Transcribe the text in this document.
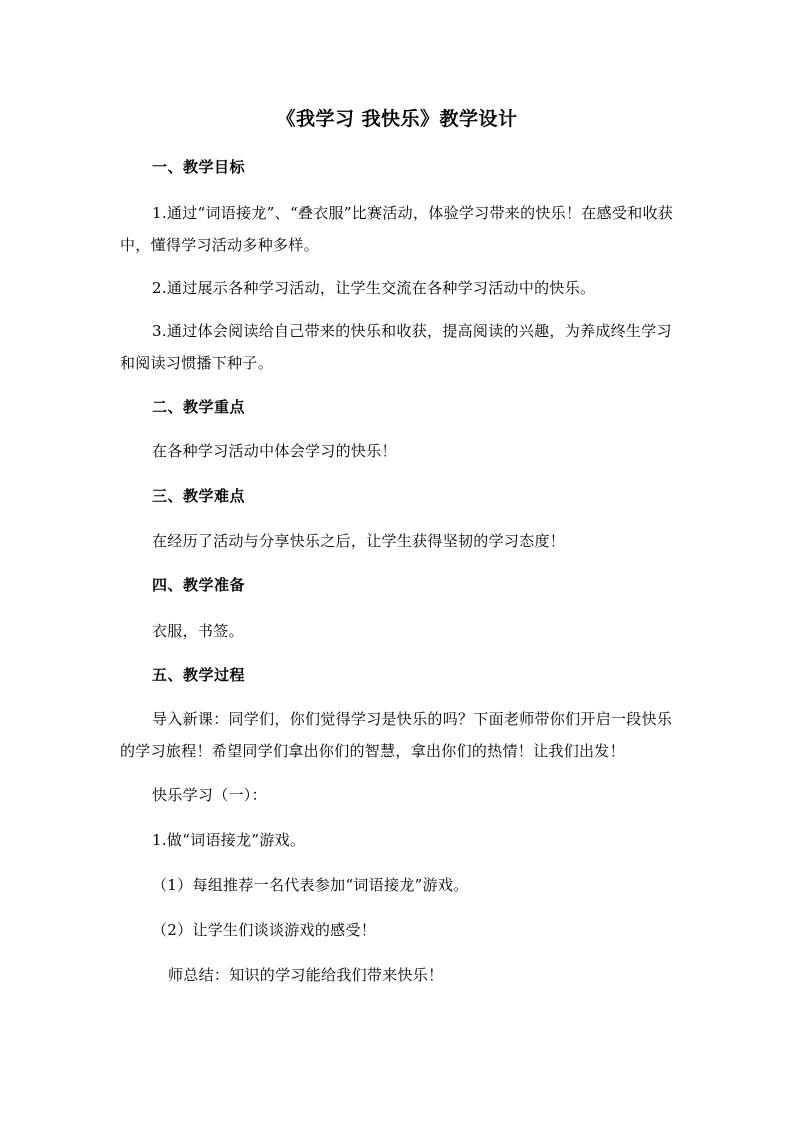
《我学习 我快乐》教学设计
一、教学目标
1.通过“词语接龙”、“叠衣服”比赛活动，体验学习带来的快乐！在感受和收获中，懂得学习活动多种多样。
2.通过展示各种学习活动，让学生交流在各种学习活动中的快乐。
3.通过体会阅读给自己带来的快乐和收获，提高阅读的兴趣，为养成终生学习和阅读习惯播下种子。
二、教学重点
在各种学习活动中体会学习的快乐！
三、教学难点
在经历了活动与分享快乐之后，让学生获得坚韧的学习态度！
四、教学准备
衣服，书签。
五、教学过程
导入新课：同学们，你们觉得学习是快乐的吗？下面老师带你们开启一段快乐的学习旅程！希望同学们拿出你们的智慧，拿出你们的热情！让我们出发！
快乐学习（一）：
1.做“词语接龙”游戏。
（1）每组推荐一名代表参加“词语接龙”游戏。
（2）让学生们谈谈游戏的感受！
师总结：知识的学习能给我们带来快乐！
